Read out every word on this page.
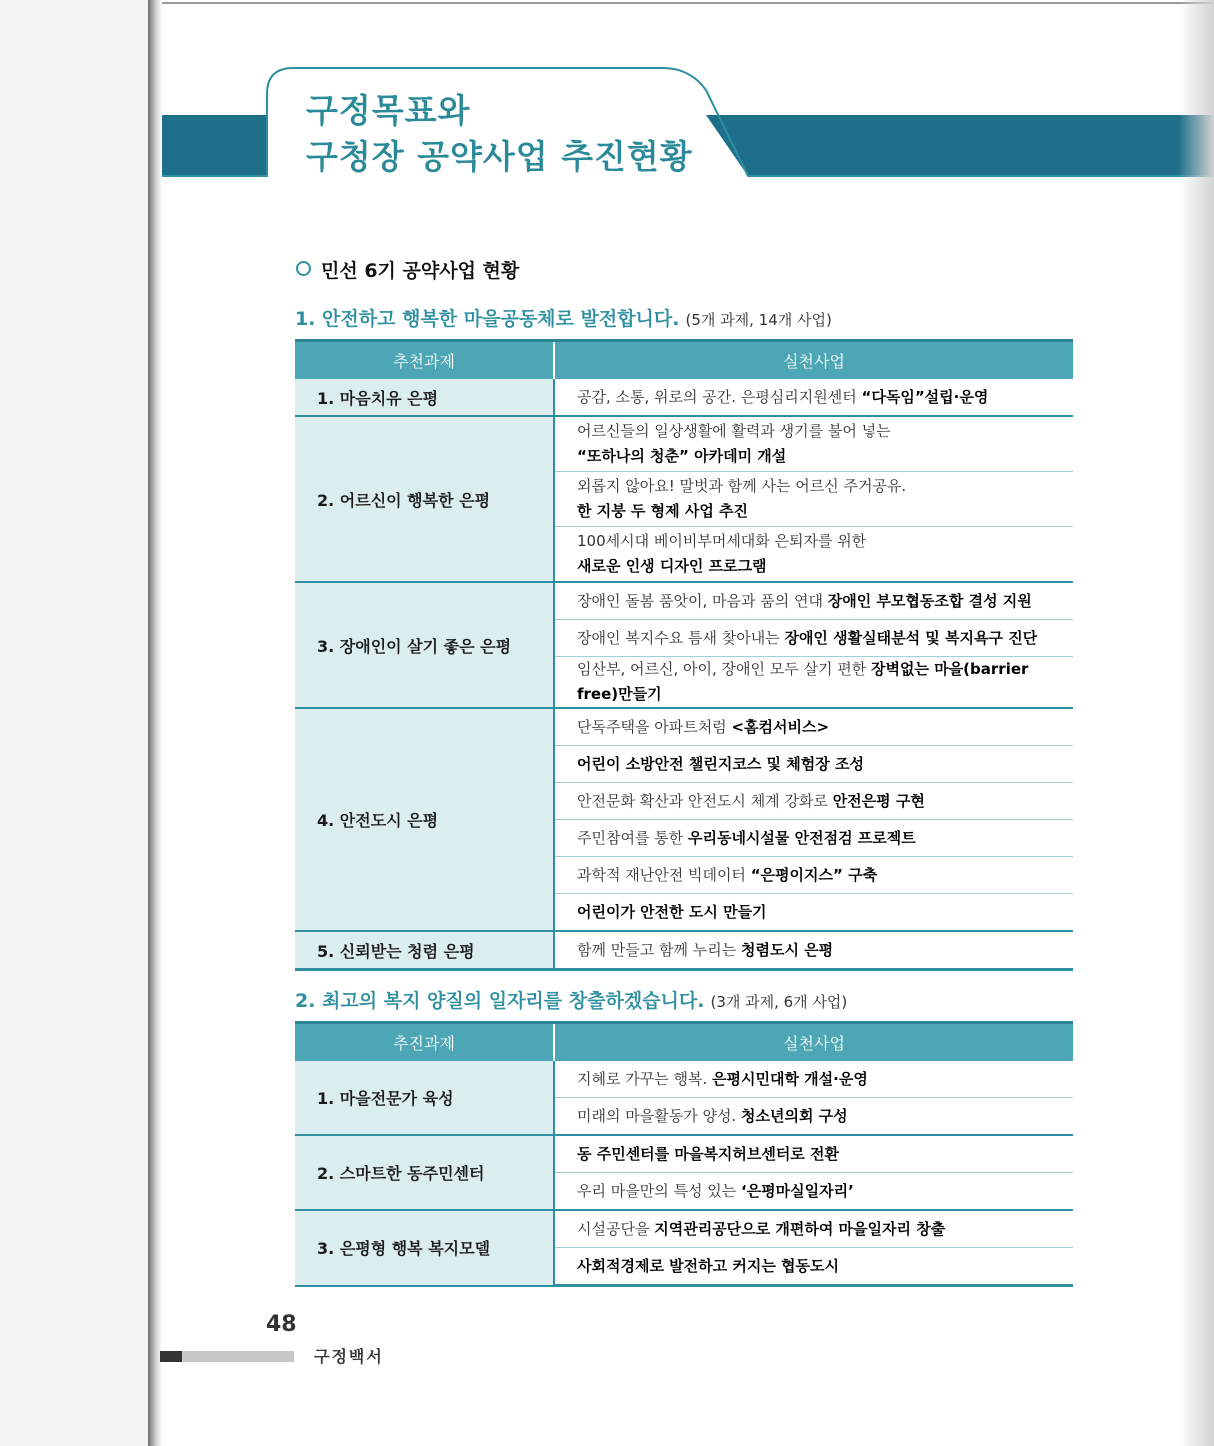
구정목표와
구청장 공약사업 추진현황
민선 6기 공약사업 현황
1. 안전하고 행복한 마을공동체로 발전합니다. (5개 과제, 14개 사업)
추천과제	실천사업
1. 마음치유 은평	공감, 소통, 위로의 공간. 은평심리지원센터 “다독임”설립·운영
2. 어르신이 행복한 은평	어르신들의 일상생활에 활력과 생기를 불어 넣는
“또하나의 청춘” 아카데미 개설
	외롭지 않아요! 말벗과 함께 사는 어르신 주거공유.
한 지붕 두 형제 사업 추진
	100세시대 베이비부머세대화 은퇴자를 위한
새로운 인생 디자인 프로그램
3. 장애인이 살기 좋은 은평	장애인 돌봄 품앗이, 마음과 품의 연대 장애인 부모협동조합 결성 지원
	장애인 복지수요 틈새 찾아내는 장애인 생활실태분석 및 복지욕구 진단
	임산부, 어르신, 아이, 장애인 모두 살기 편한 장벽없는 마을(barrier free)만들기
4. 안전도시 은평	단독주택을 아파트처럼 <홈컴서비스>
	어린이 소방안전 챌린지코스 및 체험장 조성
	안전문화 확산과 안전도시 체계 강화로 안전은평 구현
	주민참여를 통한 우리동네시설물 안전점검 프로젝트
	과학적 재난안전 빅데이터 “은평이지스” 구축
	어린이가 안전한 도시 만들기
5. 신뢰받는 청렴 은평	함께 만들고 함께 누리는 청렴도시 은평
2. 최고의 복지 양질의 일자리를 창출하겠습니다. (3개 과제, 6개 사업)
추진과제	실천사업
1. 마을전문가 육성	지혜로 가꾸는 행복. 은평시민대학 개설·운영
	미래의 마을활동가 양성. 청소년의회 구성
2. 스마트한 동주민센터	동 주민센터를 마을복지허브센터로 전환
	우리 마을만의 특성 있는 ‘은평마실일자리’
3. 은평형 행복 복지모델	시설공단을 지역관리공단으로 개편하여 마을일자리 창출
	사회적경제로 발전하고 커지는 협동도시
48
구정백서
